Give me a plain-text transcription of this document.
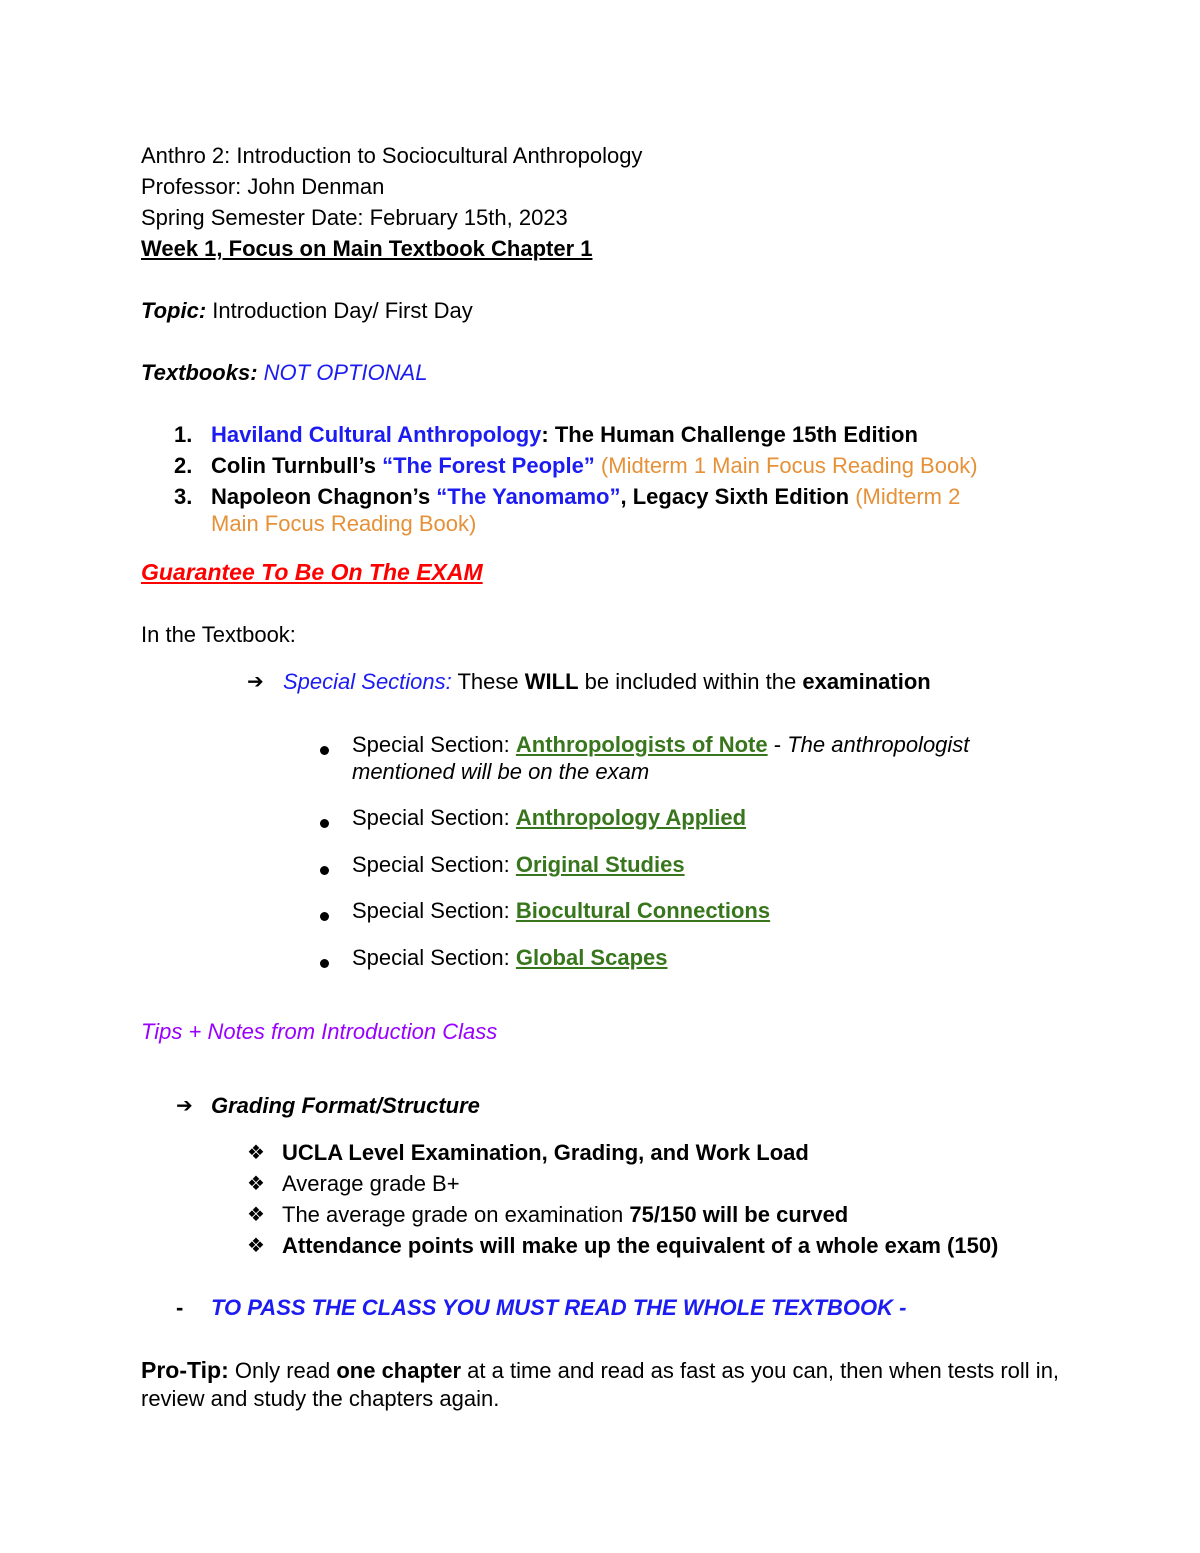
Anthro 2: Introduction to Sociocultural Anthropology
Professor: John Denman
Spring Semester Date: February 15th, 2023
Week 1, Focus on Main Textbook Chapter 1
Topic: Introduction Day/ First Day
Textbooks: NOT OPTIONAL
1. Haviland Cultural Anthropology: The Human Challenge 15th Edition
2. Colin Turnbull’s “The Forest People” (Midterm 1 Main Focus Reading Book)
3. Napoleon Chagnon’s “The Yanomamo”, Legacy Sixth Edition (Midterm 2
Main Focus Reading Book)
Guarantee To Be On The EXAM
In the Textbook:
➔ Special Sections: These WILL be included within the examination
Special Section: Anthropologists of Note - The anthropologist
mentioned will be on the exam
Special Section: Anthropology Applied
Special Section: Original Studies
Special Section: Biocultural Connections
Special Section: Global Scapes
Tips + Notes from Introduction Class
➔ Grading Format/Structure
❖ UCLA Level Examination, Grading, and Work Load
❖ Average grade B+
❖ The average grade on examination 75/150 will be curved
❖ Attendance points will make up the equivalent of a whole exam (150)
- TO PASS THE CLASS YOU MUST READ THE WHOLE TEXTBOOK -
Pro-Tip: Only read one chapter at a time and read as fast as you can, then when tests roll in,
review and study the chapters again.
